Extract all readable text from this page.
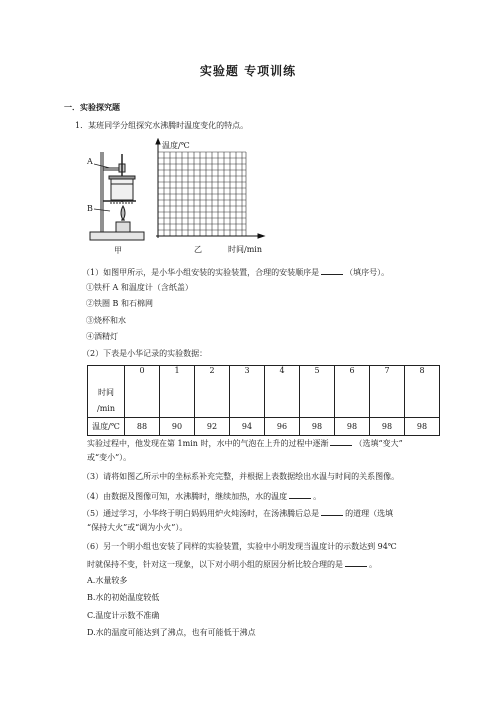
实验题 专项训练
一．实验探究题
1．某班同学分组探究水沸腾时温度变化的特点。
A
B
甲
温度/℃
乙	时间/min
（1）如图甲所示，是小华小组安装的实验装置，合理的安装顺序是	（填序号）。
①铁杆 A 和温度计（含纸盖）
②铁圈 B 和石棉网
③烧杯和水
④酒精灯
（2）下表是小华记录的实验数据：
时间
/min	0	1	2	3	4	5	6	7	8
温度/℃	88	90	92	94	96	98	98	98	98
实验过程中，他发现在第 1min 时，水中的气泡在上升的过程中逐渐	（选填“变大”
或“变小”）。
（3）请将如图乙所示中的坐标系补充完整，并根据上表数据绘出水温与时间的关系图像。
（4）由数据及图像可知，水沸腾时，继续加热，水的温度	。
（5）通过学习，小华终于明白妈妈用炉火炖汤时，在汤沸腾后总是	的道理（选填
“保持大火”或“调为小火”）。
（6）另一个明小组也安装了同样的实验装置，实验中小明发现当温度计的示数达到 94℃
时就保持不变，针对这一现象，以下对小明小组的原因分析比较合理的是	。
A.水量较多
B.水的初始温度较低
C.温度计示数不准确
D.水的温度可能达到了沸点，也有可能低于沸点
